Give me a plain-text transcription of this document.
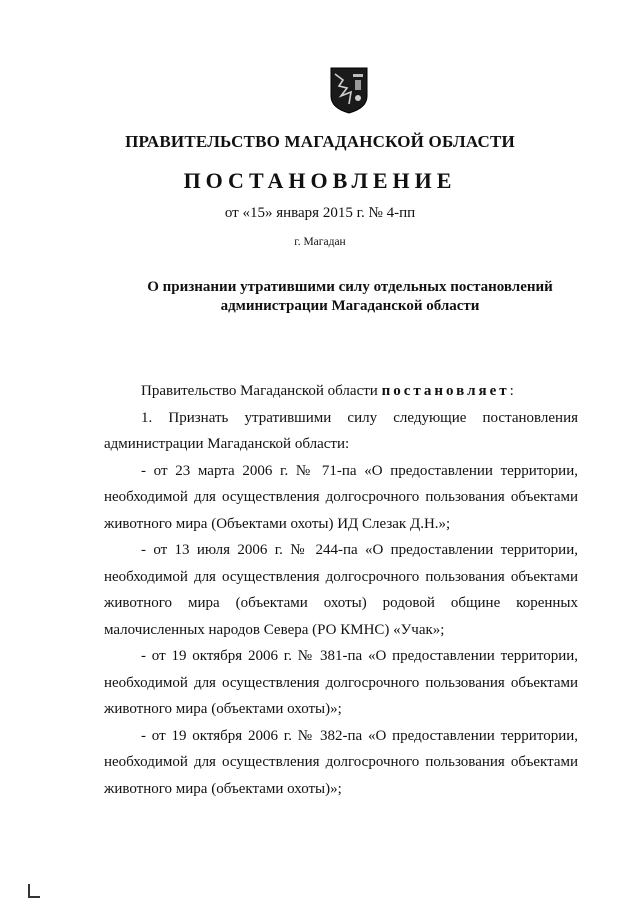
ПРАВИТЕЛЬСТВО МАГАДАНСКОЙ ОБЛАСТИ
ПОСТАНОВЛЕНИЕ
от «15» января 2015 г. № 4-пп
г. Магадан
О признании утратившими силу отдельных постановлений
администрации Магаданской области

Правительство Магаданской области постановляет:

1. Признать утратившими силу следующие постановления администрации Магаданской области:

- от 23 марта 2006 г. № 71-па «О предоставлении территории, необходимой для осуществления долгосрочного пользования объектами животного мира (Объектами охоты) ИД Слезак Д.Н.»;

- от 13 июля 2006 г. № 244-па «О предоставлении территории, необходимой для осуществления долгосрочного пользования объектами животного мира (объектами охоты) родовой общине коренных малочисленных народов Севера (РО КМНС) «Учак»;

- от 19 октября 2006 г. № 381-па «О предоставлении территории, необходимой для осуществления долгосрочного пользования объектами животного мира (объектами охоты)»;

- от 19 октября 2006 г. № 382-па «О предоставлении территории, необходимой для осуществления долгосрочного пользования объектами животного мира (объектами охоты)»;
